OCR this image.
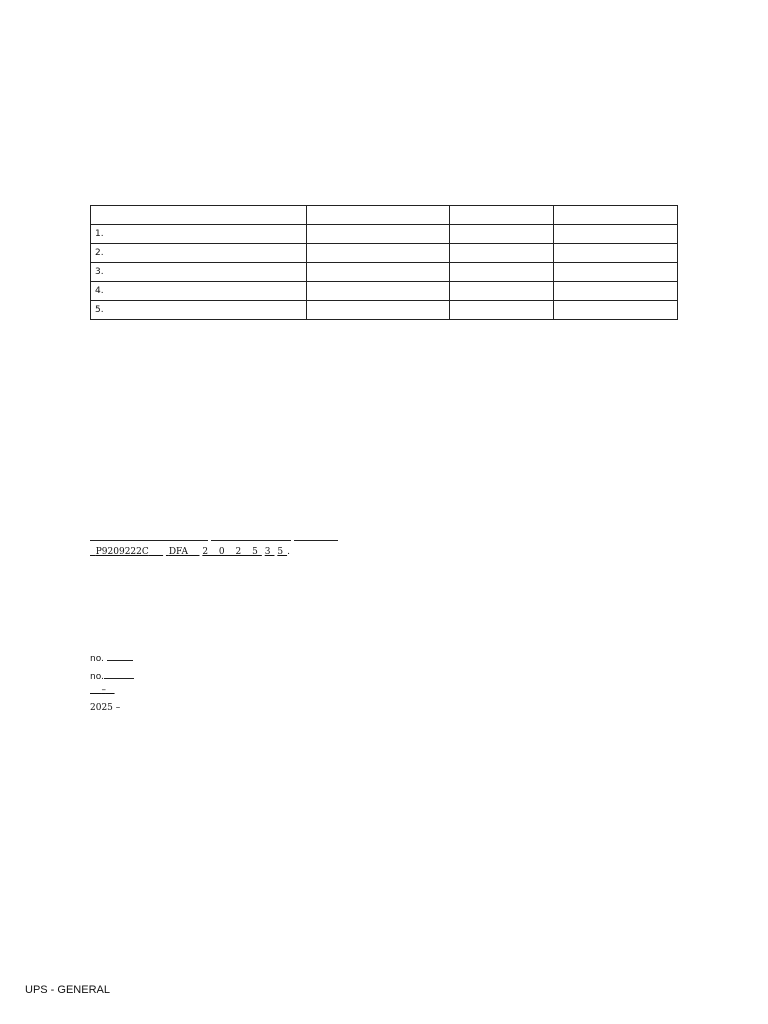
1.			
2.			
3.			
4.			
5.			

P9209222C DFA 2 0 2 5 3 5.
no.
no.
–
2025 –
UPS - GENERAL
